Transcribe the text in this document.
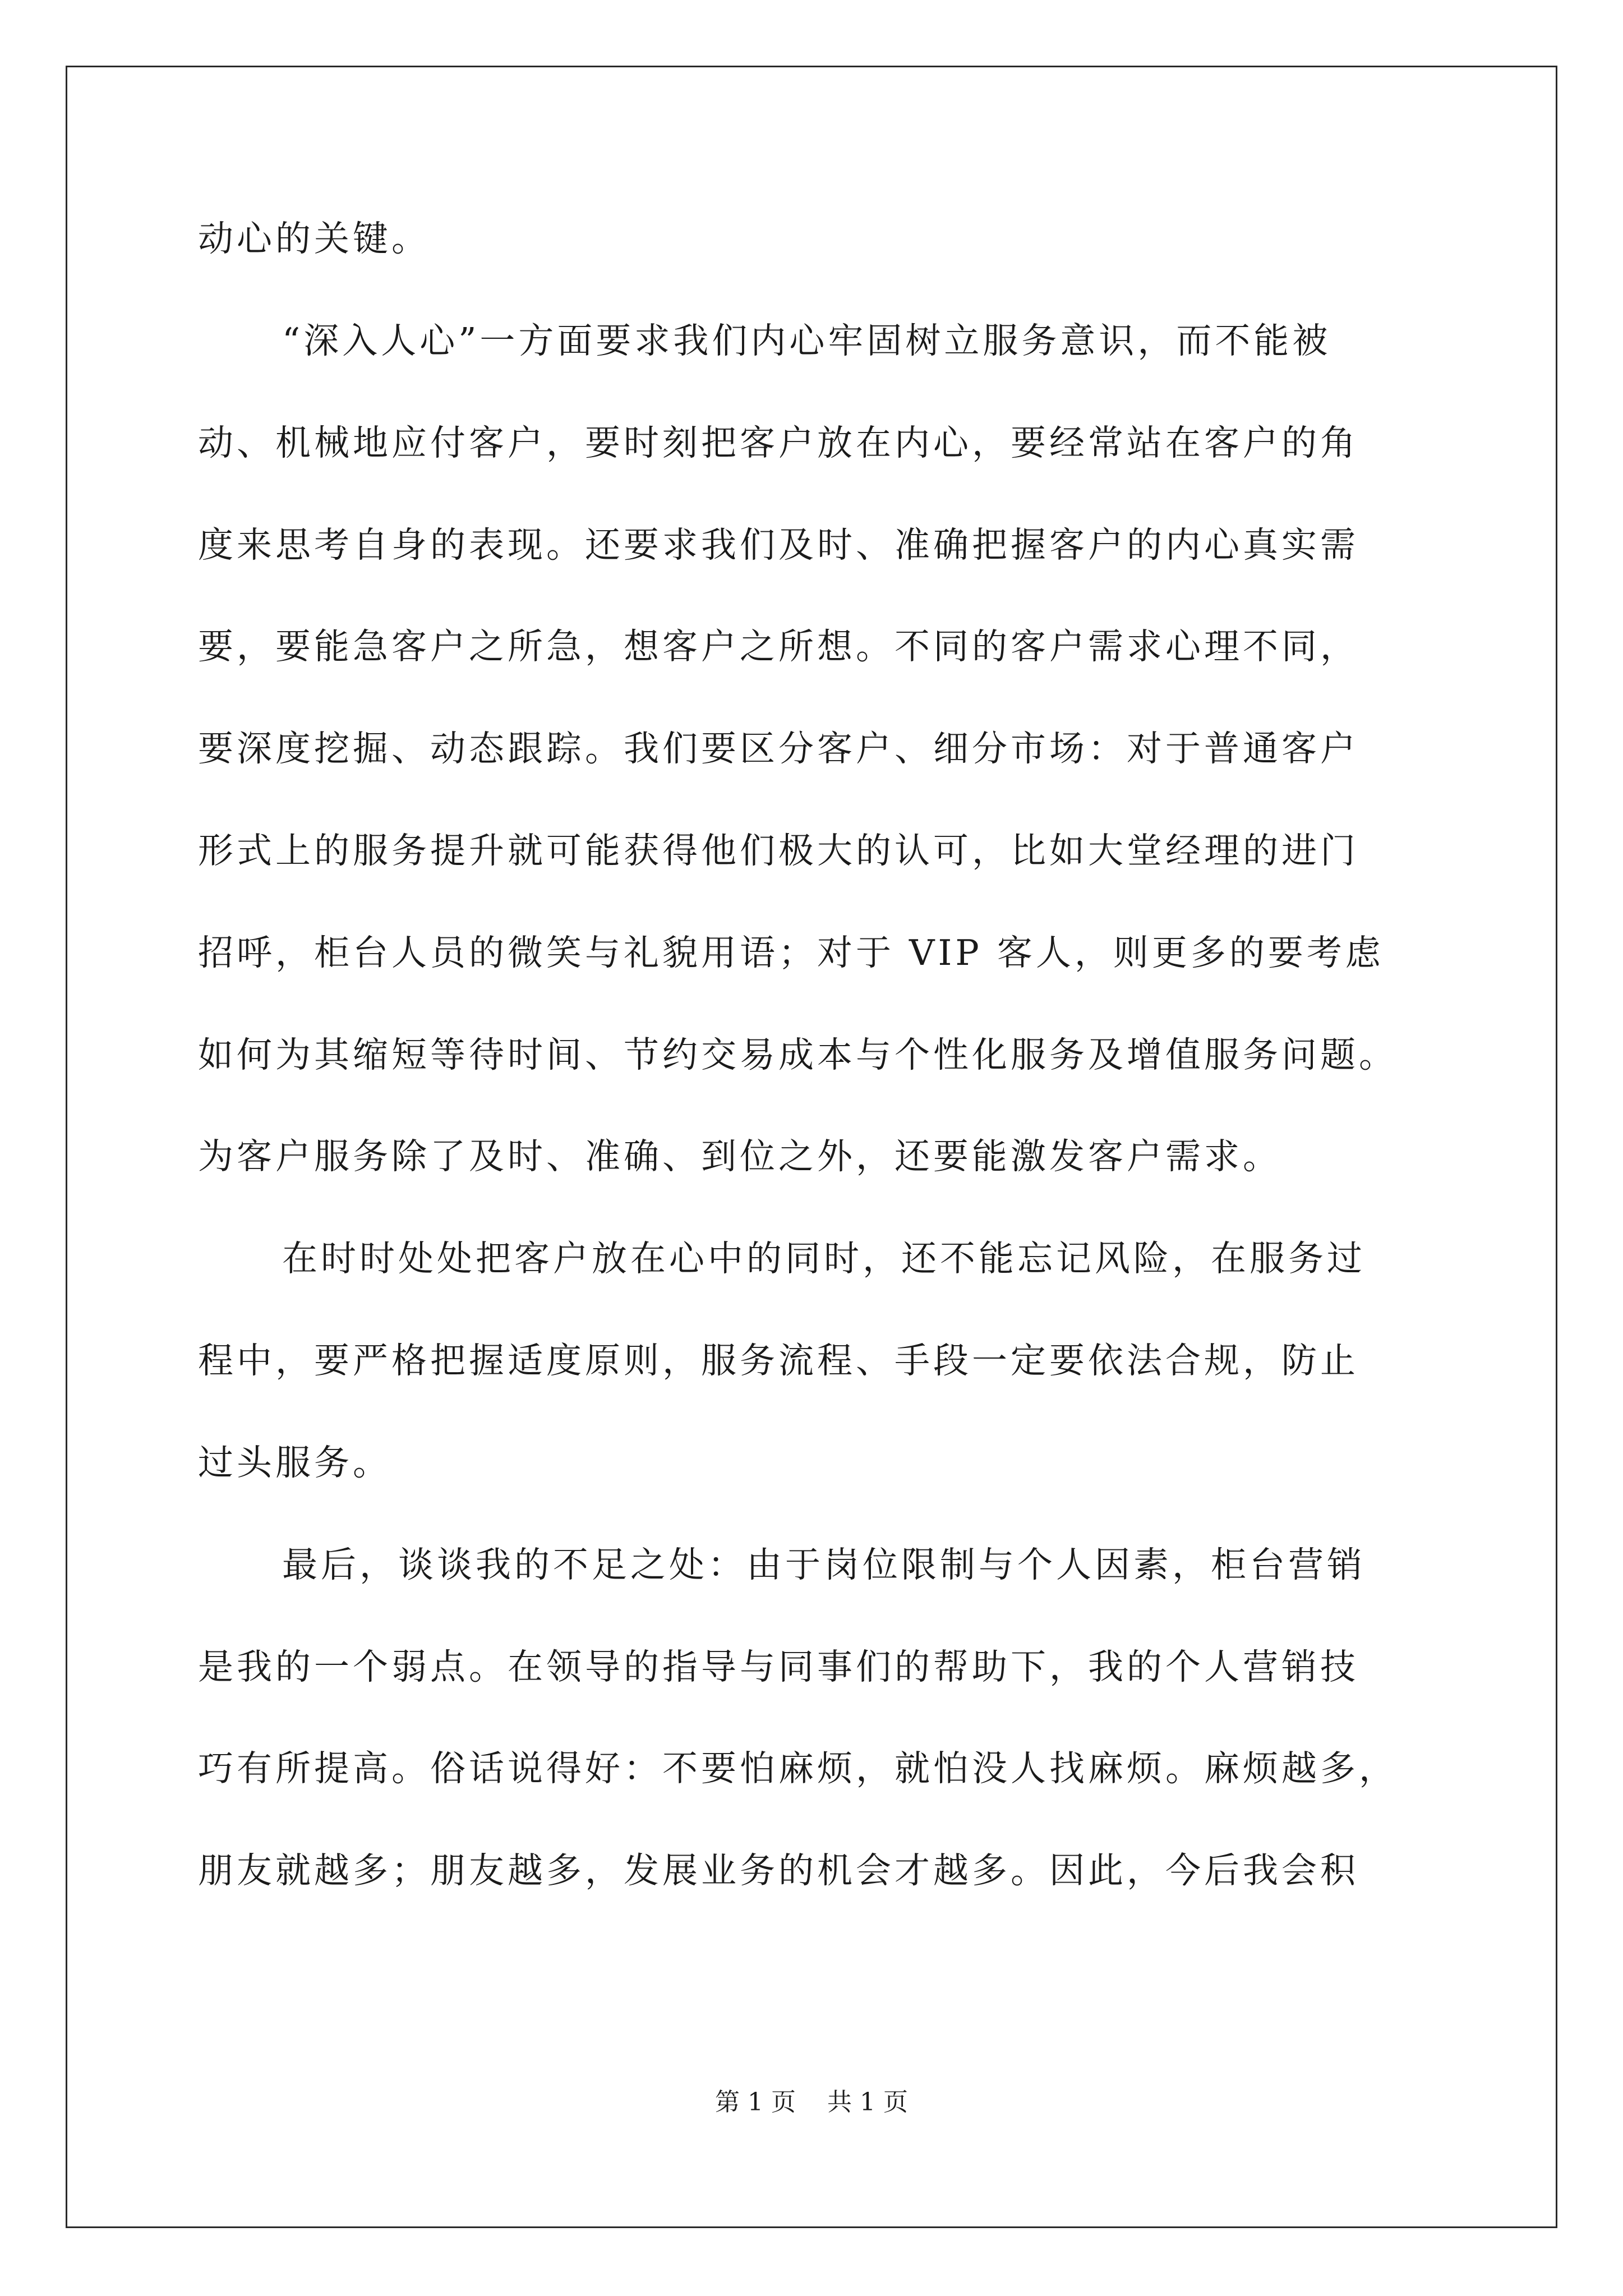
动心的关键。
“深入人心”一方面要求我们内心牢固树立服务意识，而不能被
动、机械地应付客户，要时刻把客户放在内心，要经常站在客户的角
度来思考自身的表现。还要求我们及时、准确把握客户的内心真实需
要，要能急客户之所急，想客户之所想。不同的客户需求心理不同，
要深度挖掘、动态跟踪。我们要区分客户、细分市场：对于普通客户
形式上的服务提升就可能获得他们极大的认可，比如大堂经理的进门
招呼，柜台人员的微笑与礼貌用语；对于 VIP 客人，则更多的要考虑
如何为其缩短等待时间、节约交易成本与个性化服务及增值服务问题。
为客户服务除了及时、准确、到位之外，还要能激发客户需求。
在时时处处把客户放在心中的同时，还不能忘记风险，在服务过
程中，要严格把握适度原则，服务流程、手段一定要依法合规，防止
过头服务。
最后，谈谈我的不足之处：由于岗位限制与个人因素，柜台营销
是我的一个弱点。在领导的指导与同事们的帮助下，我的个人营销技
巧有所提高。俗话说得好：不要怕麻烦，就怕没人找麻烦。麻烦越多，
朋友就越多；朋友越多，发展业务的机会才越多。因此，今后我会积
第 1 页 共 1 页
